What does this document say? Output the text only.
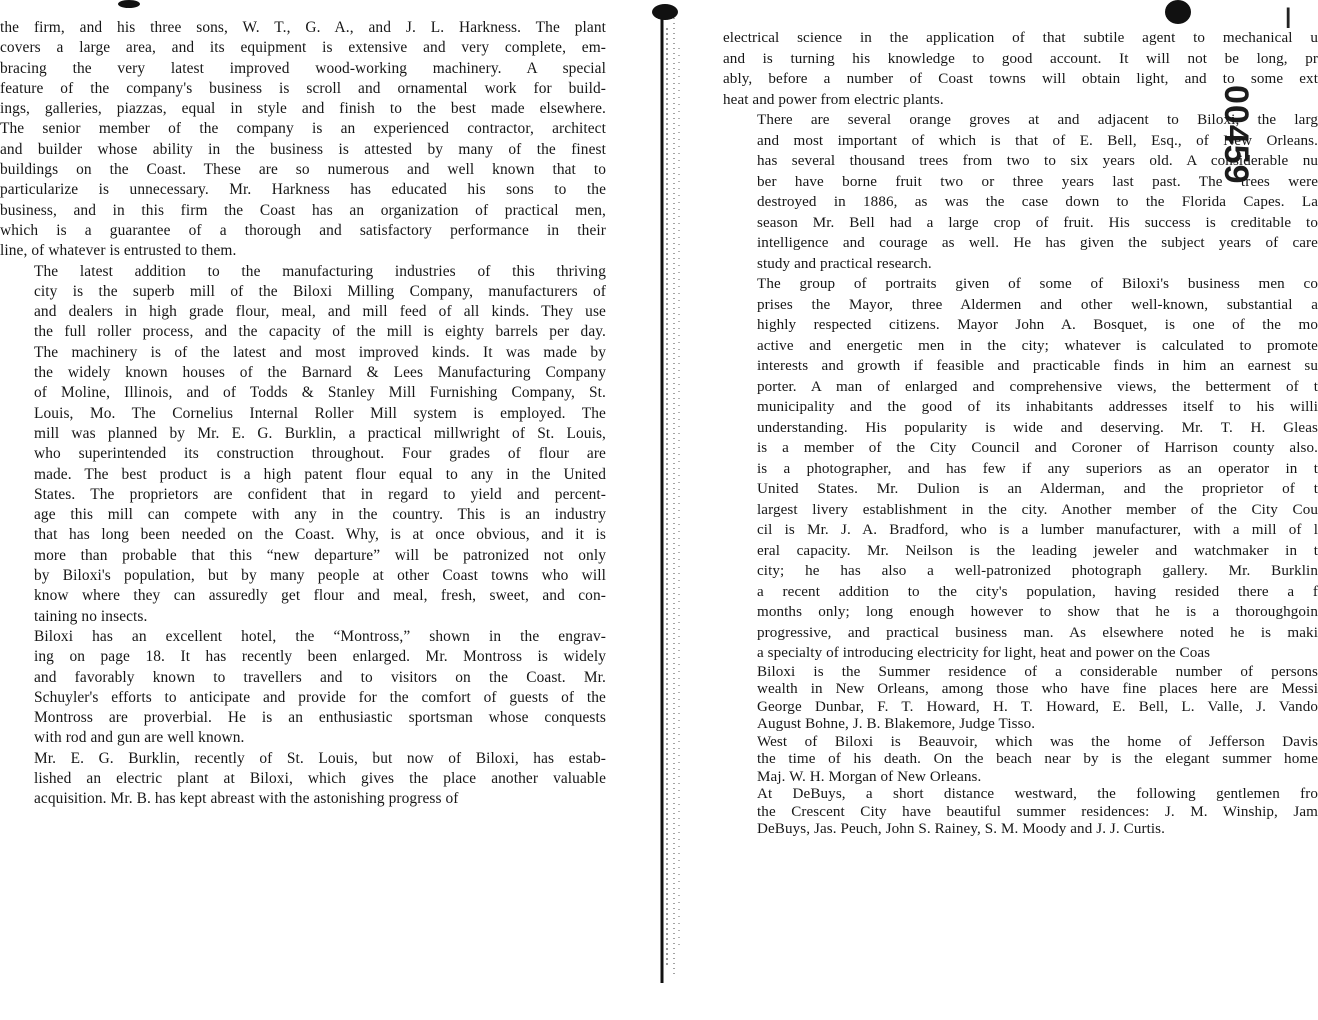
the firm, and his three sons, W. T., G. A., and J. L. Harkness. The plant
covers a large area, and its equipment is extensive and very complete, em-
bracing the very latest improved wood-working machinery. A special
feature of the company's business is scroll and ornamental work for build-
ings, galleries, piazzas, equal in style and finish to the best made elsewhere.
The senior member of the company is an experienced contractor, architect
and builder whose ability in the business is attested by many of the finest
buildings on the Coast. These are so numerous and well known that to
particularize is unnecessary. Mr. Harkness has educated his sons to the
business, and in this firm the Coast has an organization of practical men,
which is a guarantee of a thorough and satisfactory performance in their
line, of whatever is entrusted to them.

The latest addition to the manufacturing industries of this thriving
city is the superb mill of the Biloxi Milling Company, manufacturers of
and dealers in high grade flour, meal, and mill feed of all kinds. They use
the full roller process, and the capacity of the mill is eighty barrels per day.
The machinery is of the latest and most improved kinds. It was made by
the widely known houses of the Barnard & Lees Manufacturing Company
of Moline, Illinois, and of Todds & Stanley Mill Furnishing Company, St.
Louis, Mo. The Cornelius Internal Roller Mill system is employed. The
mill was planned by Mr. E. G. Burklin, a practical millwright of St. Louis,
who superintended its construction throughout. Four grades of flour are
made. The best product is a high patent flour equal to any in the United
States. The proprietors are confident that in regard to yield and percent-
age this mill can compete with any in the country. This is an industry
that has long been needed on the Coast. Why, is at once obvious, and it is
more than probable that this “new departure” will be patronized not only
by Biloxi's population, but by many people at other Coast towns who will
know where they can assuredly get flour and meal, fresh, sweet, and con-
taining no insects.

Biloxi has an excellent hotel, the “Montross,” shown in the engrav-
ing on page 18. It has recently been enlarged. Mr. Montross is widely
and favorably known to travellers and to visitors on the Coast. Mr.
Schuyler's efforts to anticipate and provide for the comfort of guests of the
Montross are proverbial. He is an enthusiastic sportsman whose conquests
with rod and gun are well known.

Mr. E. G. Burklin, recently of St. Louis, but now of Biloxi, has estab-
lished an electric plant at Biloxi, which gives the place another valuable
acquisition. Mr. B. has kept abreast with the astonishing progress of

00459
I

electrical science in the application of that subtile agent to mechanical u
and is turning his knowledge to good account. It will not be long, pr
ably, before a number of Coast towns will obtain light, and to some ext
heat and power from electric plants.

There are several orange groves at and adjacent to Biloxi, the larg
and most important of which is that of E. Bell, Esq., of New Orleans.
has several thousand trees from two to six years old. A considerable nu
ber have borne fruit two or three years last past. The trees were
destroyed in 1886, as was the case down to the Florida Capes. La
season Mr. Bell had a large crop of fruit. His success is creditable to
intelligence and courage as well. He has given the subject years of care
study and practical research.

The group of portraits given of some of Biloxi's business men co
prises the Mayor, three Aldermen and other well-known, substantial a
highly respected citizens. Mayor John A. Bosquet, is one of the mo
active and energetic men in the city; whatever is calculated to promote
interests and growth if feasible and practicable finds in him an earnest su
porter. A man of enlarged and comprehensive views, the betterment of t
municipality and the good of its inhabitants addresses itself to his willi
understanding. His popularity is wide and deserving. Mr. T. H. Gleas
is a member of the City Council and Coroner of Harrison county also.
is a photographer, and has few if any superiors as an operator in t
United States. Mr. Dulion is an Alderman, and the proprietor of t
largest livery establishment in the city. Another member of the City Cou
cil is Mr. J. A. Bradford, who is a lumber manufacturer, with a mill of l
eral capacity. Mr. Neilson is the leading jeweler and watchmaker in t
city; he has also a well-patronized photograph gallery. Mr. Burklin
a recent addition to the city's population, having resided there a f
months only; long enough however to show that he is a thoroughgoin
progressive, and practical business man. As elsewhere noted he is maki
a specialty of introducing electricity for light, heat and power on the Coas

Biloxi is the Summer residence of a considerable number of persons
wealth in New Orleans, among those who have fine places here are Messi
George Dunbar, F. T. Howard, H. T. Howard, E. Bell, L. Valle, J. Vando
August Bohne, J. B. Blakemore, Judge Tisso.

West of Biloxi is Beauvoir, which was the home of Jefferson Davis
the time of his death. On the beach near by is the elegant summer home
Maj. W. H. Morgan of New Orleans.

At DeBuys, a short distance westward, the following gentlemen fro
the Crescent City have beautiful summer residences: J. M. Winship, Jam
DeBuys, Jas. Peuch, John S. Rainey, S. M. Moody and J. J. Curtis.
